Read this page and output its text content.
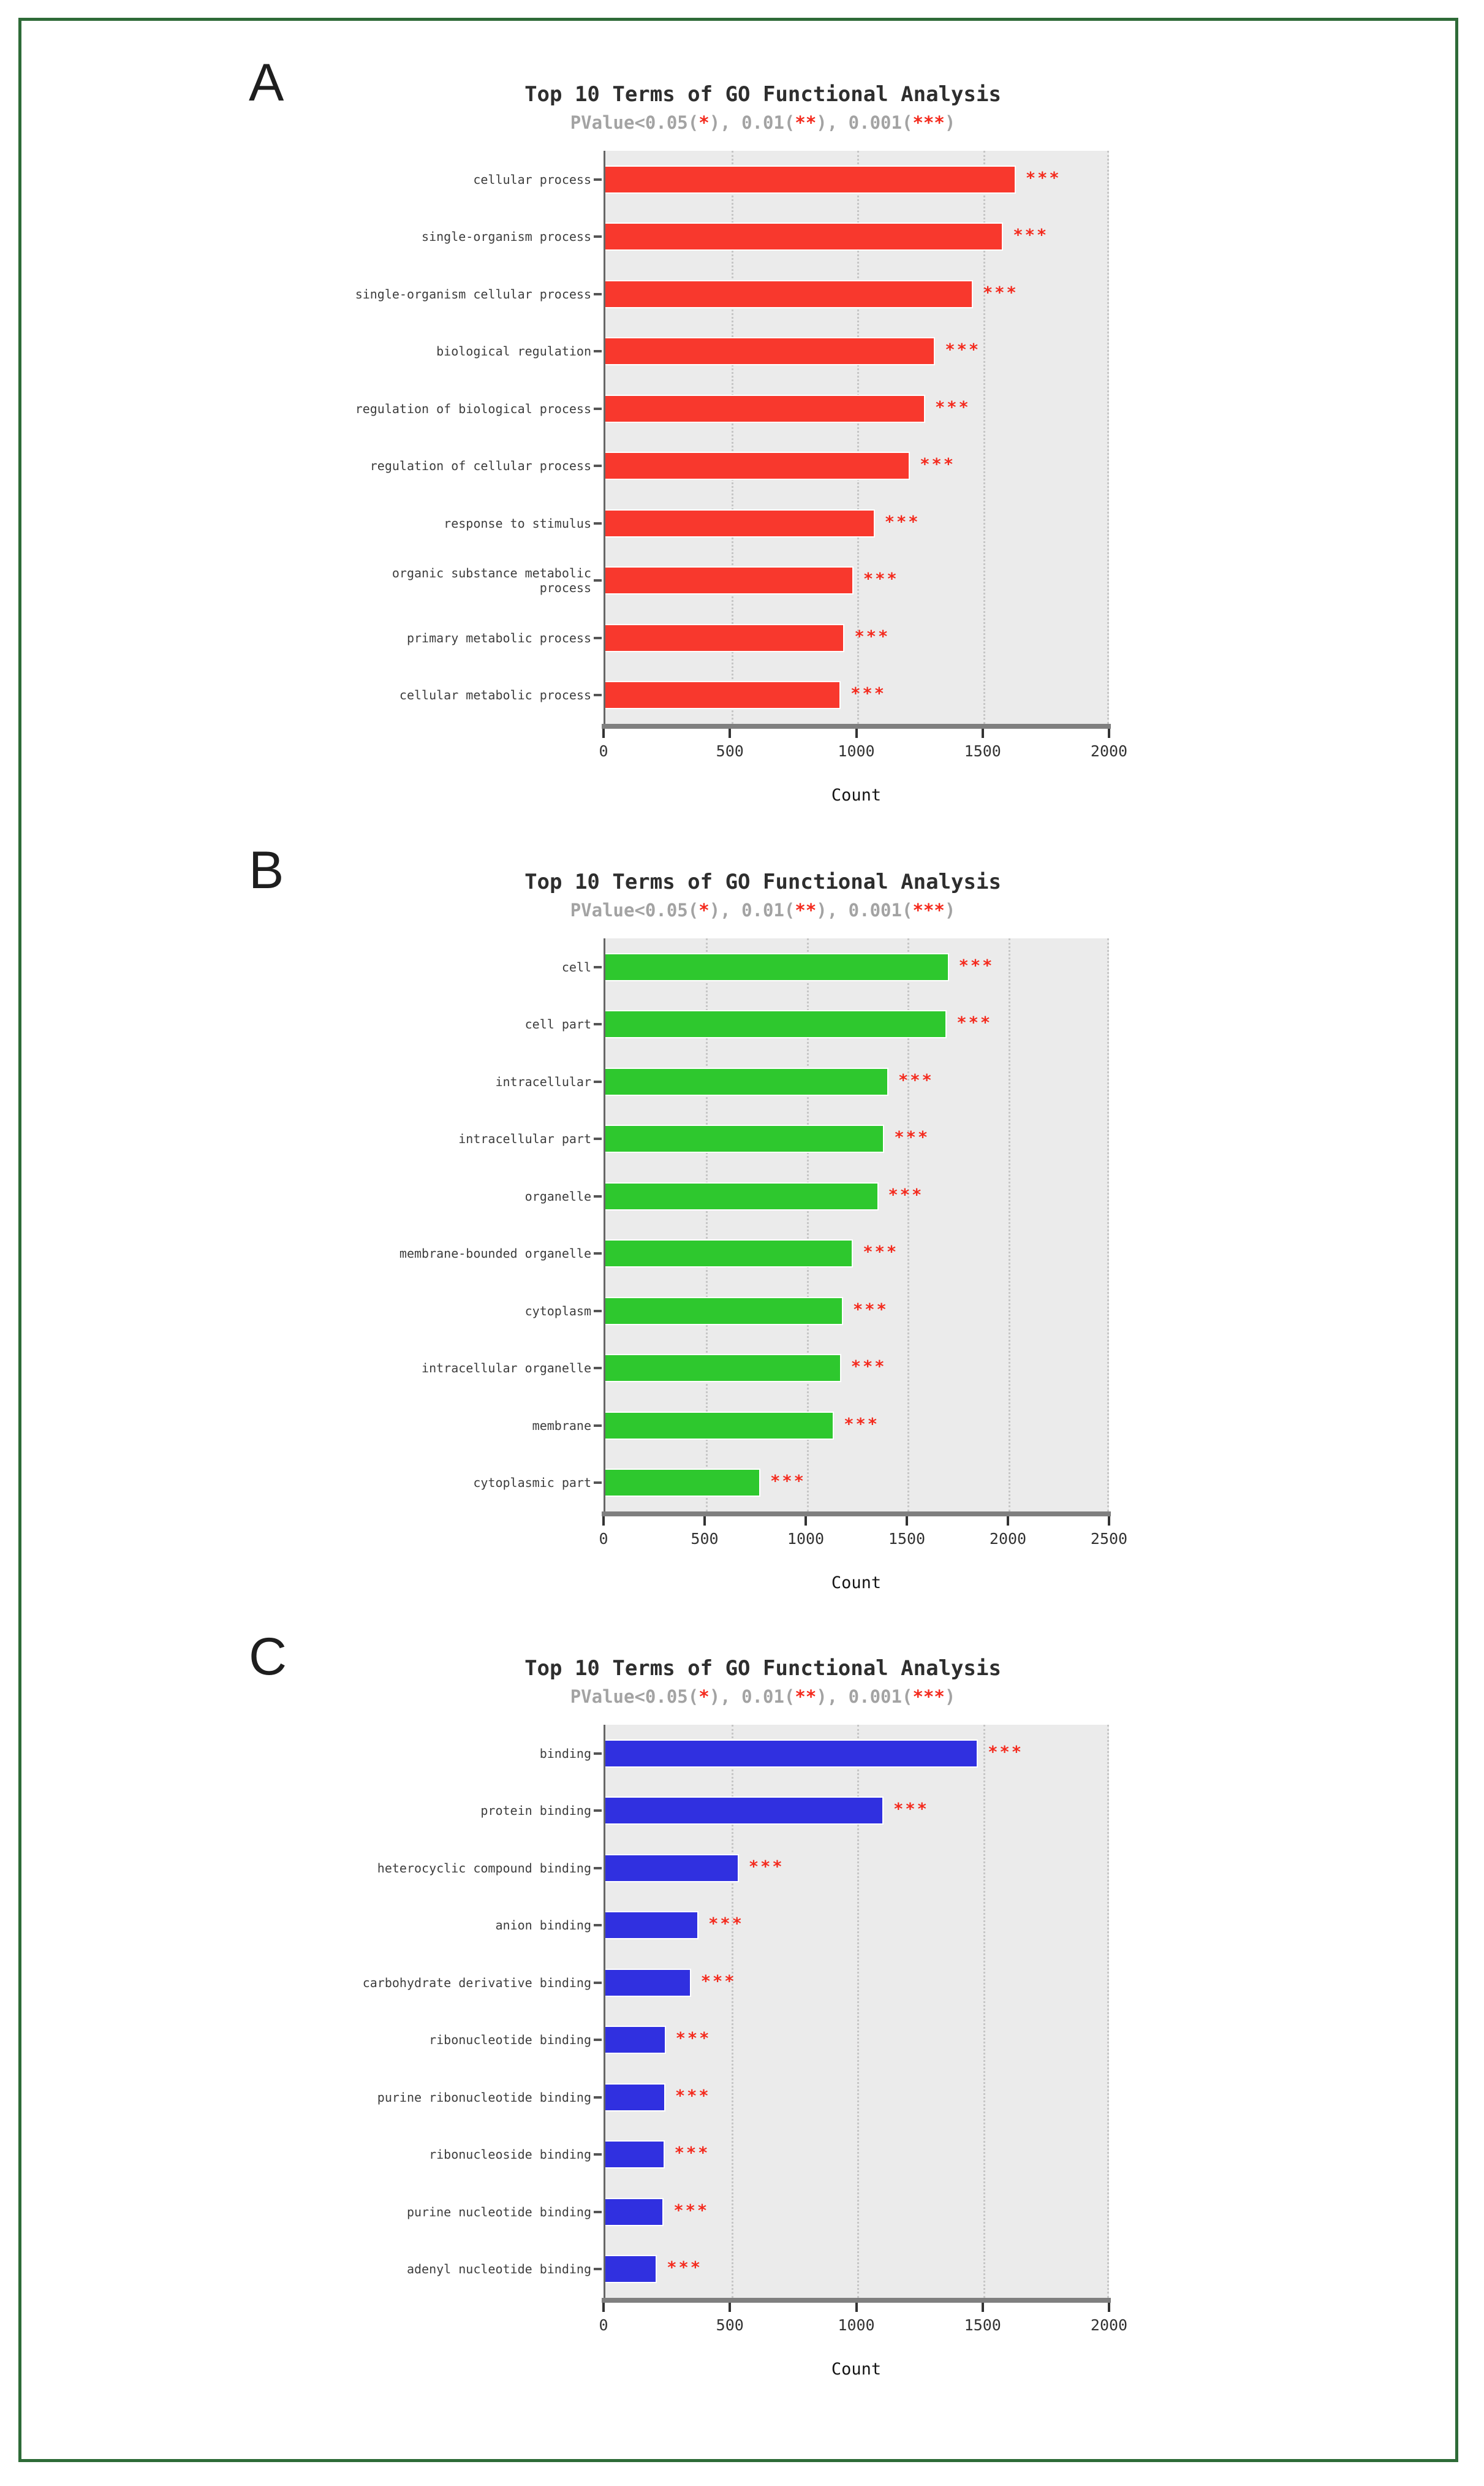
A	Top 10 Terms of GO Functional Analysis
PValue<0.05(*), 0.01(**), 0.001(***)
cellular process
single-organism process
single-organism cellular process
biological regulation
regulation of biological process
regulation of cellular process
response to stimulus
organic substance metabolic process
primary metabolic process
cellular metabolic process
***
***
***
***
***
***
***
***
***
***
0	500	1000	1500	2000
Count
B	Top 10 Terms of GO Functional Analysis
PValue<0.05(*), 0.01(**), 0.001(***)
cell
cell part
intracellular
intracellular part
organelle
membrane-bounded organelle
cytoplasm
intracellular organelle
membrane
cytoplasmic part
***
***
***
***
***
***
***
***
***
***
0	500	1000	1500	2000	2500
Count
C	Top 10 Terms of GO Functional Analysis
PValue<0.05(*), 0.01(**), 0.001(***)
binding
protein binding
heterocyclic compound binding
anion binding
carbohydrate derivative binding
ribonucleotide binding
purine ribonucleotide binding
ribonucleoside binding
purine nucleotide binding
adenyl nucleotide binding
***
***
***
***
***
***
***
***
***
***
0	500	1000	1500	2000
Count
